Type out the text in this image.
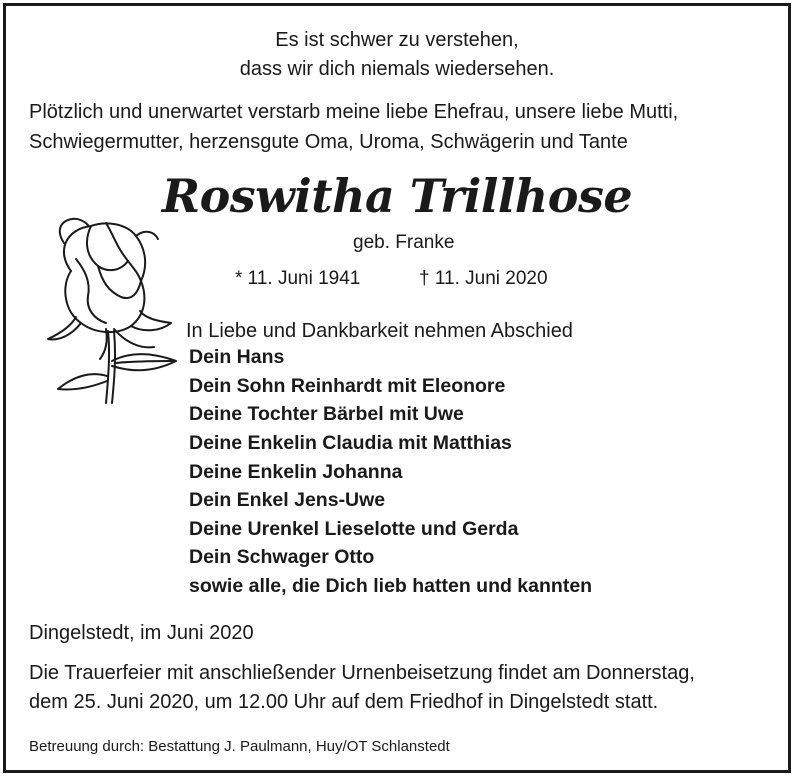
Es ist schwer zu verstehen,
dass wir dich niemals wiedersehen.
Plötzlich und unerwartet verstarb meine liebe Ehefrau, unsere liebe Mutti,
Schwiegermutter, herzensgute Oma, Uroma, Schwägerin und Tante
Roswitha Trillhose
geb. Franke
* 11. Juni 1941	† 11. Juni 2020
In Liebe und Dankbarkeit nehmen Abschied
Dein Hans
Dein Sohn Reinhardt mit Eleonore
Deine Tochter Bärbel mit Uwe
Deine Enkelin Claudia mit Matthias
Deine Enkelin Johanna
Dein Enkel Jens-Uwe
Deine Urenkel Lieselotte und Gerda
Dein Schwager Otto
sowie alle, die Dich lieb hatten und kannten
Dingelstedt, im Juni 2020
Die Trauerfeier mit anschließender Urnenbeisetzung findet am Donnerstag,
dem 25. Juni 2020, um 12.00 Uhr auf dem Friedhof in Dingelstedt statt.
Betreuung durch: Bestattung J. Paulmann, Huy/OT Schlanstedt
